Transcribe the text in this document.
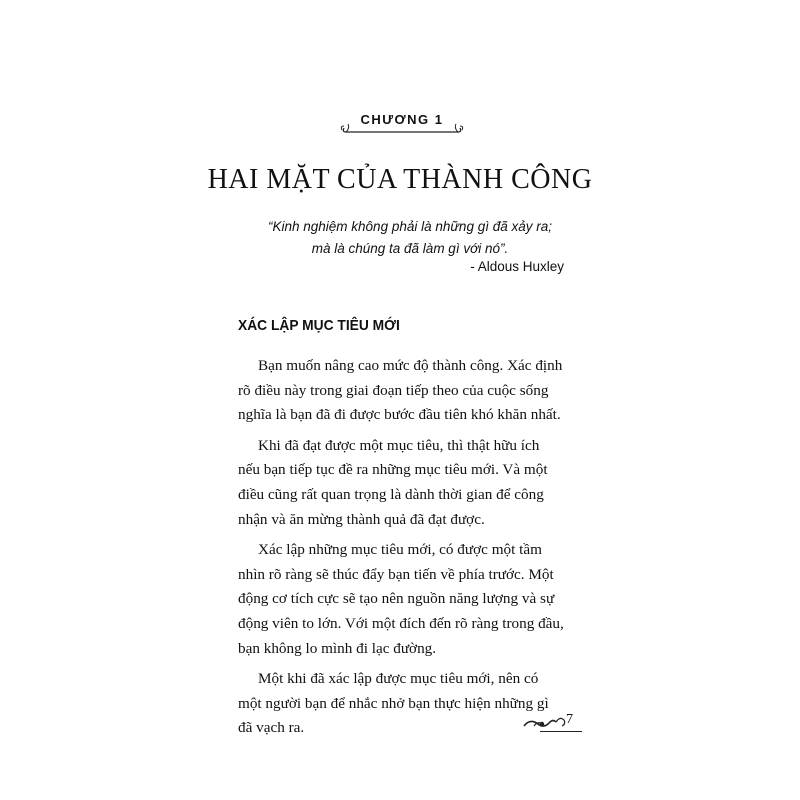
CHƯƠNG 1
HAI MẶT CỦA THÀNH CÔNG
“Kinh nghiệm không phải là những gì đã xảy ra;
mà là chúng ta đã làm gì với nó”.
- Aldous Huxley
XÁC LẬP MỤC TIÊU MỚI

Bạn muốn nâng cao mức độ thành công. Xác định
rõ điều này trong giai đoạn tiếp theo của cuộc sống
nghĩa là bạn đã đi được bước đầu tiên khó khăn nhất.

Khi đã đạt được một mục tiêu, thì thật hữu ích
nếu bạn tiếp tục đề ra những mục tiêu mới. Và một
điều cũng rất quan trọng là dành thời gian để công
nhận và ăn mừng thành quả đã đạt được.

Xác lập những mục tiêu mới, có được một tầm
nhìn rõ ràng sẽ thúc đẩy bạn tiến về phía trước. Một
động cơ tích cực sẽ tạo nên nguồn năng lượng và sự
động viên to lớn. Với một đích đến rõ ràng trong đầu,
bạn không lo mình đi lạc đường.

Một khi đã xác lập được mục tiêu mới, nên có
một người bạn để nhắc nhở bạn thực hiện những gì
đã vạch ra.	7
